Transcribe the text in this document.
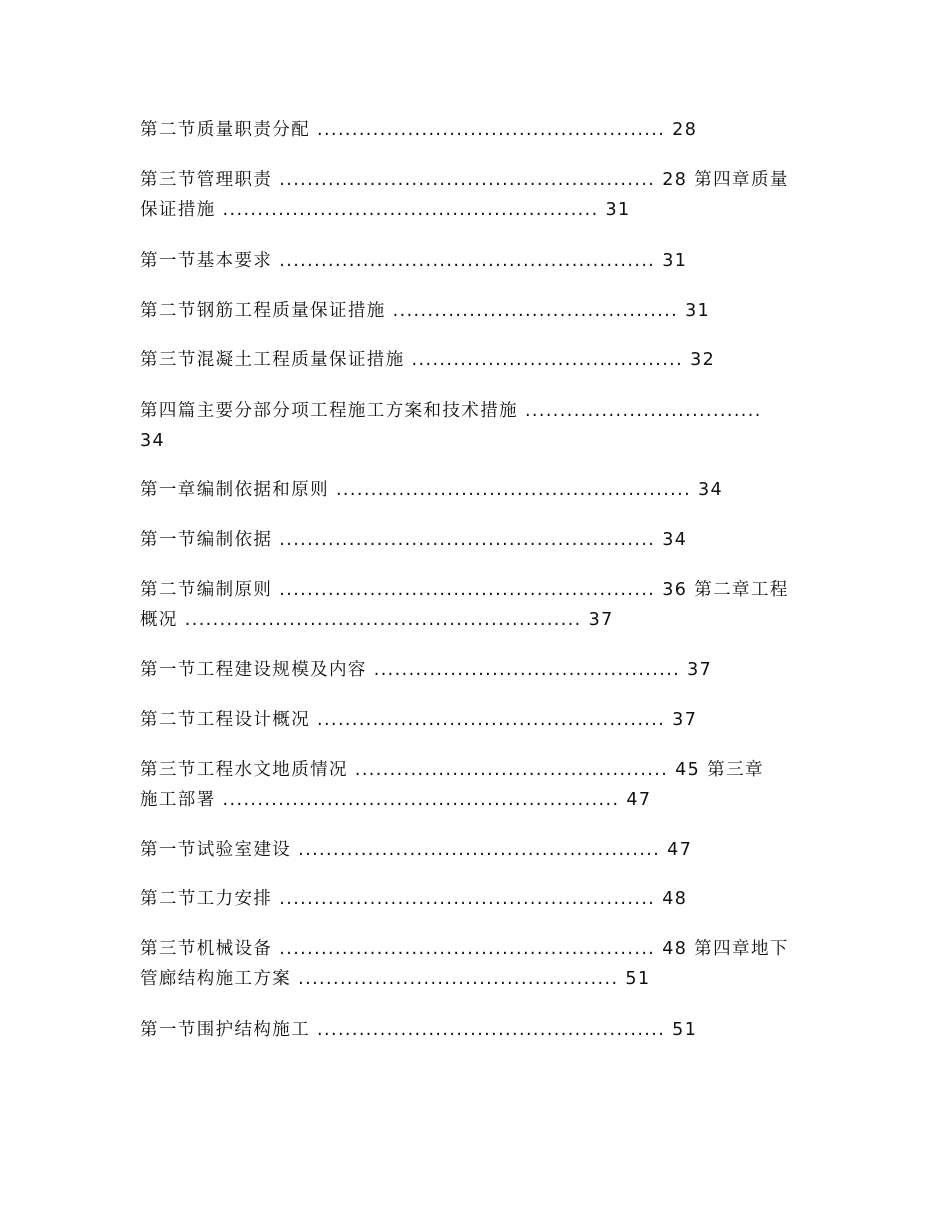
第二节质量职责分配 .................................................. 28
第三节管理职责 ...................................................... 28 第四章质量
保证措施 ...................................................... 31
第一节基本要求 ...................................................... 31
第二节钢筋工程质量保证措施 ......................................... 31
第三节混凝土工程质量保证措施 ....................................... 32
第四篇主要分部分项工程施工方案和技术措施 ..................................
34
第一章编制依据和原则 ................................................... 34
第一节编制依据 ...................................................... 34
第二节编制原则 ...................................................... 36 第二章工程
概况 ......................................................... 37
第一节工程建设规模及内容 ............................................ 37
第二节工程设计概况 .................................................. 37
第三节工程水文地质情况 ............................................. 45 第三章
施工部署 ......................................................... 47
第一节试验室建设 .................................................... 47
第二节工力安排 ...................................................... 48
第三节机械设备 ...................................................... 48 第四章地下
管廊结构施工方案 .............................................. 51
第一节围护结构施工 .................................................. 51
